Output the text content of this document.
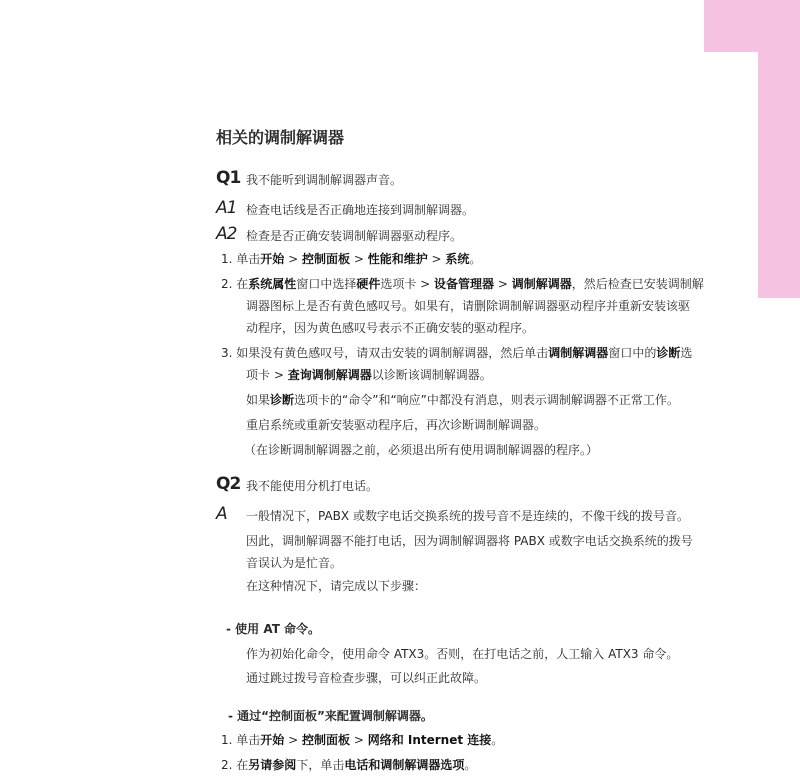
相关的调制解调器
Q1 我不能听到调制解调器声音。
A1 检查电话线是否正确地连接到调制解调器。
A2 检查是否正确安装调制解调器驱动程序。
1. 单击开始 > 控制面板 > 性能和维护 > 系统。
2. 在系统属性窗口中选择硬件选项卡 > 设备管理器 > 调制解调器，然后检查已安装调制解
调器图标上是否有黄色感叹号。如果有，请删除调制解调器驱动程序并重新安装该驱
动程序，因为黄色感叹号表示不正确安装的驱动程序。
3. 如果没有黄色感叹号，请双击安装的调制解调器，然后单击调制解调器窗口中的诊断选
项卡 > 查询调制解调器以诊断该调制解调器。
如果诊断选项卡的“命令”和“响应”中都没有消息，则表示调制解调器不正常工作。
重启系统或重新安装驱动程序后，再次诊断调制解调器。
（在诊断调制解调器之前，必须退出所有使用调制解调器的程序。）
Q2 我不能使用分机打电话。
A 一般情况下，PABX 或数字电话交换系统的拨号音不是连续的，不像干线的拨号音。
因此，调制解调器不能打电话，因为调制解调器将 PABX 或数字电话交换系统的拨号
音误认为是忙音。
在这种情况下，请完成以下步骤：
- 使用 AT 命令。
作为初始化命令，使用命令 ATX3。否则，在打电话之前，人工输入 ATX3 命令。
通过跳过拨号音检查步骤，可以纠正此故障。
- 通过“控制面板”来配置调制解调器。
1. 单击开始 > 控制面板 > 网络和 Internet 连接。
2. 在另请参阅下，单击电话和调制解调器选项。
